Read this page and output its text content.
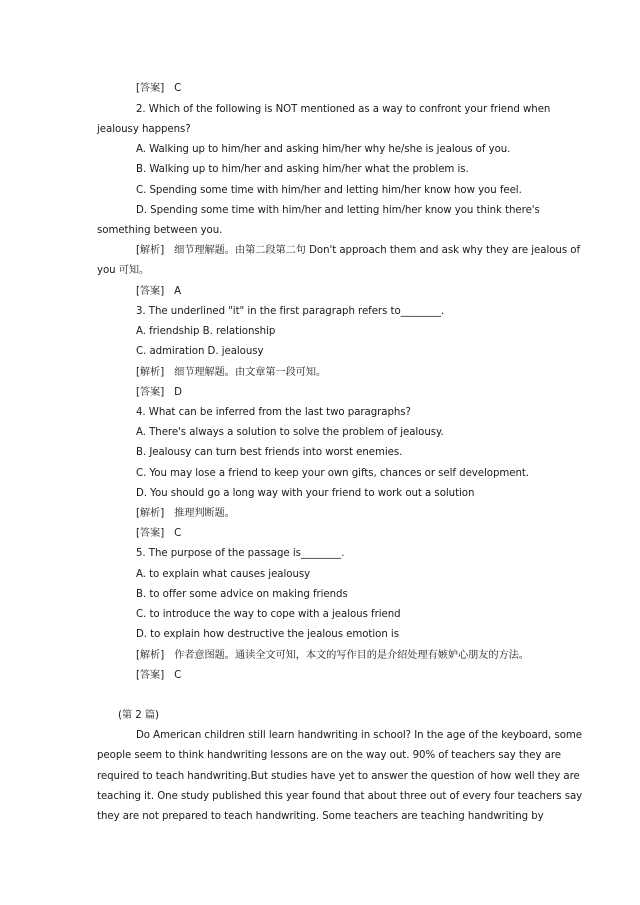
[答案] C
2. Which of the following is NOT mentioned as a way to confront your friend when
jealousy happens?
A. Walking up to him/her and asking him/her why he/she is jealous of you.
B. Walking up to him/her and asking him/her what the problem is.
C. Spending some time with him/her and letting him/her know how you feel.
D. Spending some time with him/her and letting him/her know you think there's
something between you.
[解析] 细节理解题。由第二段第二句 Don't approach them and ask why they are jealous of
you 可知。
[答案] A
3. The underlined "it" in the first paragraph refers to________.
A. friendship B. relationship
C. admiration D. jealousy
[解析] 细节理解题。由文章第一段可知。
[答案] D
4. What can be inferred from the last two paragraphs?
A. There's always a solution to solve the problem of jealousy.
B. Jealousy can turn best friends into worst enemies.
C. You may lose a friend to keep your own gifts, chances or self development.
D. You should go a long way with your friend to work out a solution
[解析] 推理判断题。
[答案] C
5. The purpose of the passage is________.
A. to explain what causes jealousy
B. to offer some advice on making friends
C. to introduce the way to cope with a jealous friend
D. to explain how destructive the jealous emotion is
[解析] 作者意图题。通读全文可知，本文的写作目的是介绍处理有嫉妒心朋友的方法。
[答案] C
(第 2 篇)
Do American children still learn handwriting in school? In the age of the keyboard, some
people seem to think handwriting lessons are on the way out. 90% of teachers say they are
required to teach handwriting.But studies have yet to answer the question of how well they are
teaching it. One study published this year found that about three out of every four teachers say
they are not prepared to teach handwriting. Some teachers are teaching handwriting by
